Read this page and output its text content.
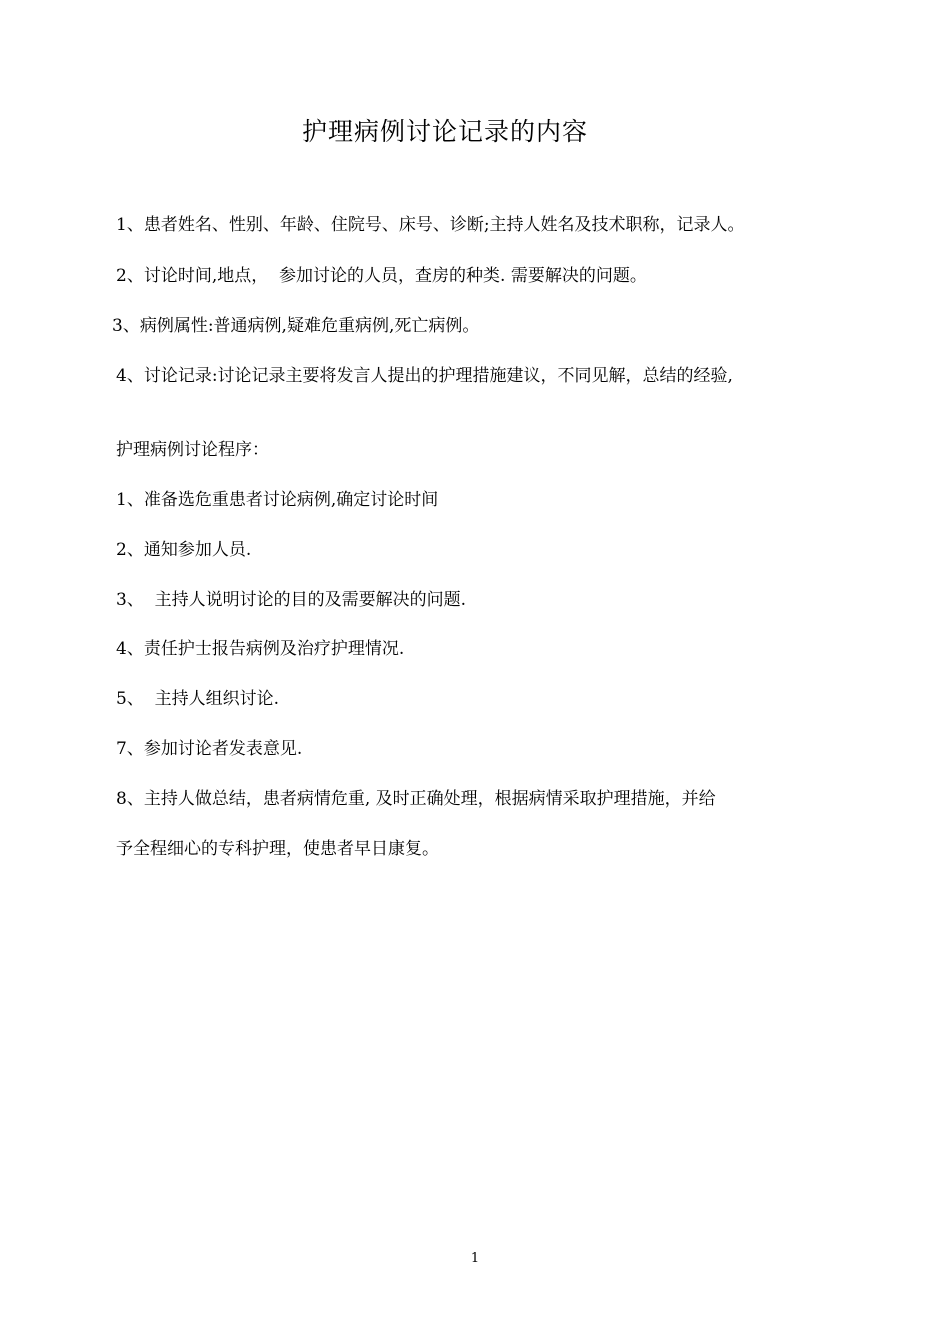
护理病例讨论记录的内容
1、患者姓名、性别、年龄、住院号、床号、诊断;主持人姓名及技术职称，记录人。
2、讨论时间,地点，  参加讨论的人员，查房的种类. 需要解决的问题。
3、病例属性:普通病例,疑难危重病例,死亡病例。
4、讨论记录:讨论记录主要将发言人提出的护理措施建议，不同见解，总结的经验,
护理病例讨论程序：
1、准备选危重患者讨论病例,确定讨论时间
2、通知参加人员.
3、  主持人说明讨论的目的及需要解决的问题.
4、责任护士报告病例及治疗护理情况.
5、  主持人组织讨论.
7、参加讨论者发表意见.
8、主持人做总结，患者病情危重, 及时正确处理，根据病情采取护理措施，并给
予全程细心的专科护理，使患者早日康复。
1
